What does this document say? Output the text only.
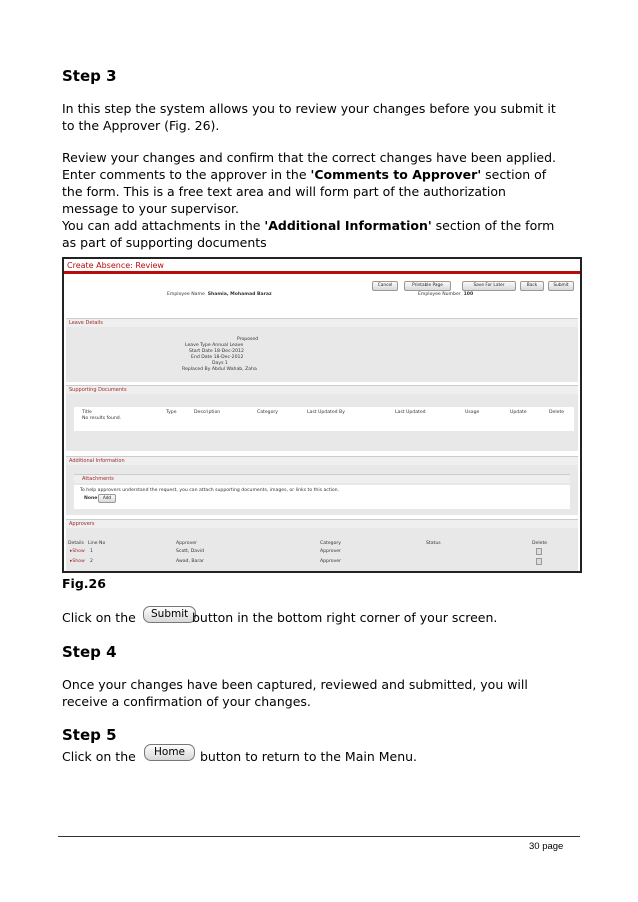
Step 3

In this step the system allows you to review your changes before you submit it
to the Approver (Fig. 26).

Review your changes and confirm that the correct changes have been applied.
Enter comments to the approver in the 'Comments to Approver' section of
the form. This is a free text area and will form part of the authorization
message to your supervisor.
You can add attachments in the 'Additional Information' section of the form
as part of supporting documents

Create Absence: Review
Cancel	Printable Page	Save For Later	Back	Submit
Employee Name Shamia, Mohamad Baraz	Employee Number 100
Leave Details
Proposed
Leave Type Annual Leave
Start Date 18-Dec-2012
End Date 18-Dec-2012
Days 1
Replaced By Abdul Wahab, Zaha
Supporting Documents
Title	Type	Description	Category	Last Updated By	Last Updated	Usage	Update	Delete
No results found.
Additional Information
Attachments
To help approvers understand the request, you can attach supporting documents, images, or links to this action.
None	Add
Approvers
Details Line No	Approver	Category	Status	Delete
▸Show 1	Scott, David	Approver
▸Show 2	Awad, Barar	Approver
Fig.26
Click on the	Submit button in the bottom right corner of your screen.
Step 4

Once your changes have been captured, reviewed and submitted, you will
receive a confirmation of your changes.

Step 5
Click on the	Home	button to return to the Main Menu.
30 page
